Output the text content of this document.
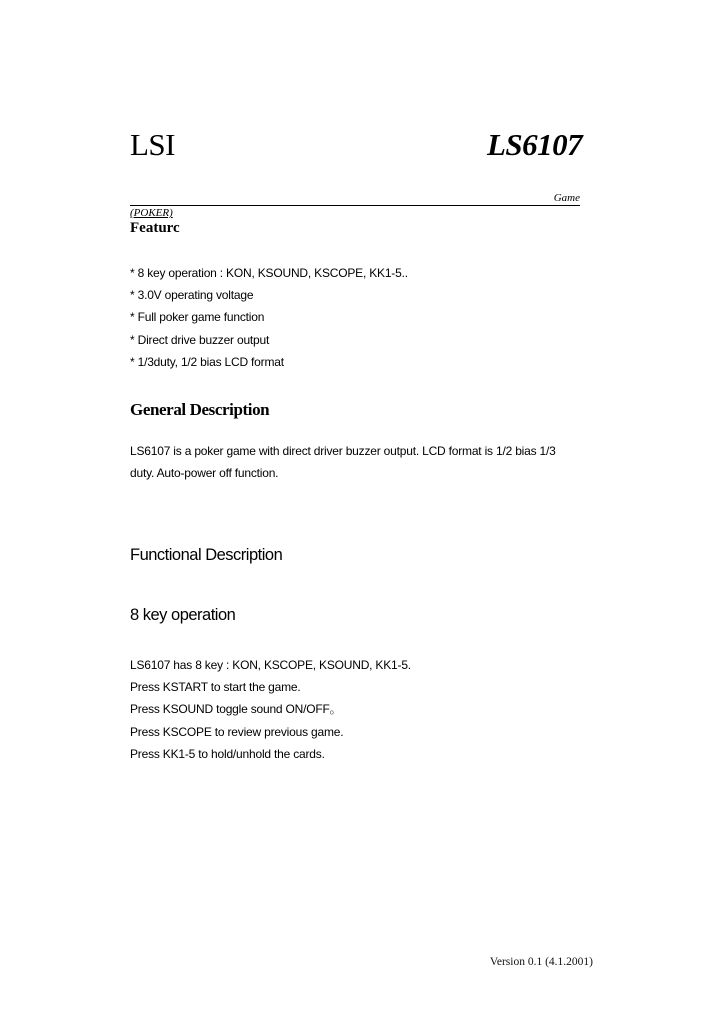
LSI	LS6107
Game
(POKER)
Featurc
* 8 key operation : KON, KSOUND, KSCOPE, KK1-5..
* 3.0V operating voltage
* Full poker game function
* Direct drive buzzer output
* 1/3duty, 1/2 bias LCD format
General Description
LS6107 is a poker game with direct driver buzzer output. LCD format is 1/2 bias 1/3
duty. Auto-power off function.
Functional Description
8 key operation
LS6107 has 8 key : KON, KSCOPE, KSOUND, KK1-5.
Press KSTART to start the game.
Press KSOUND toggle sound ON/OFF。
Press KSCOPE to review previous game.
Press KK1-5 to hold/unhold the cards.
Version 0.1 (4.1.2001)
